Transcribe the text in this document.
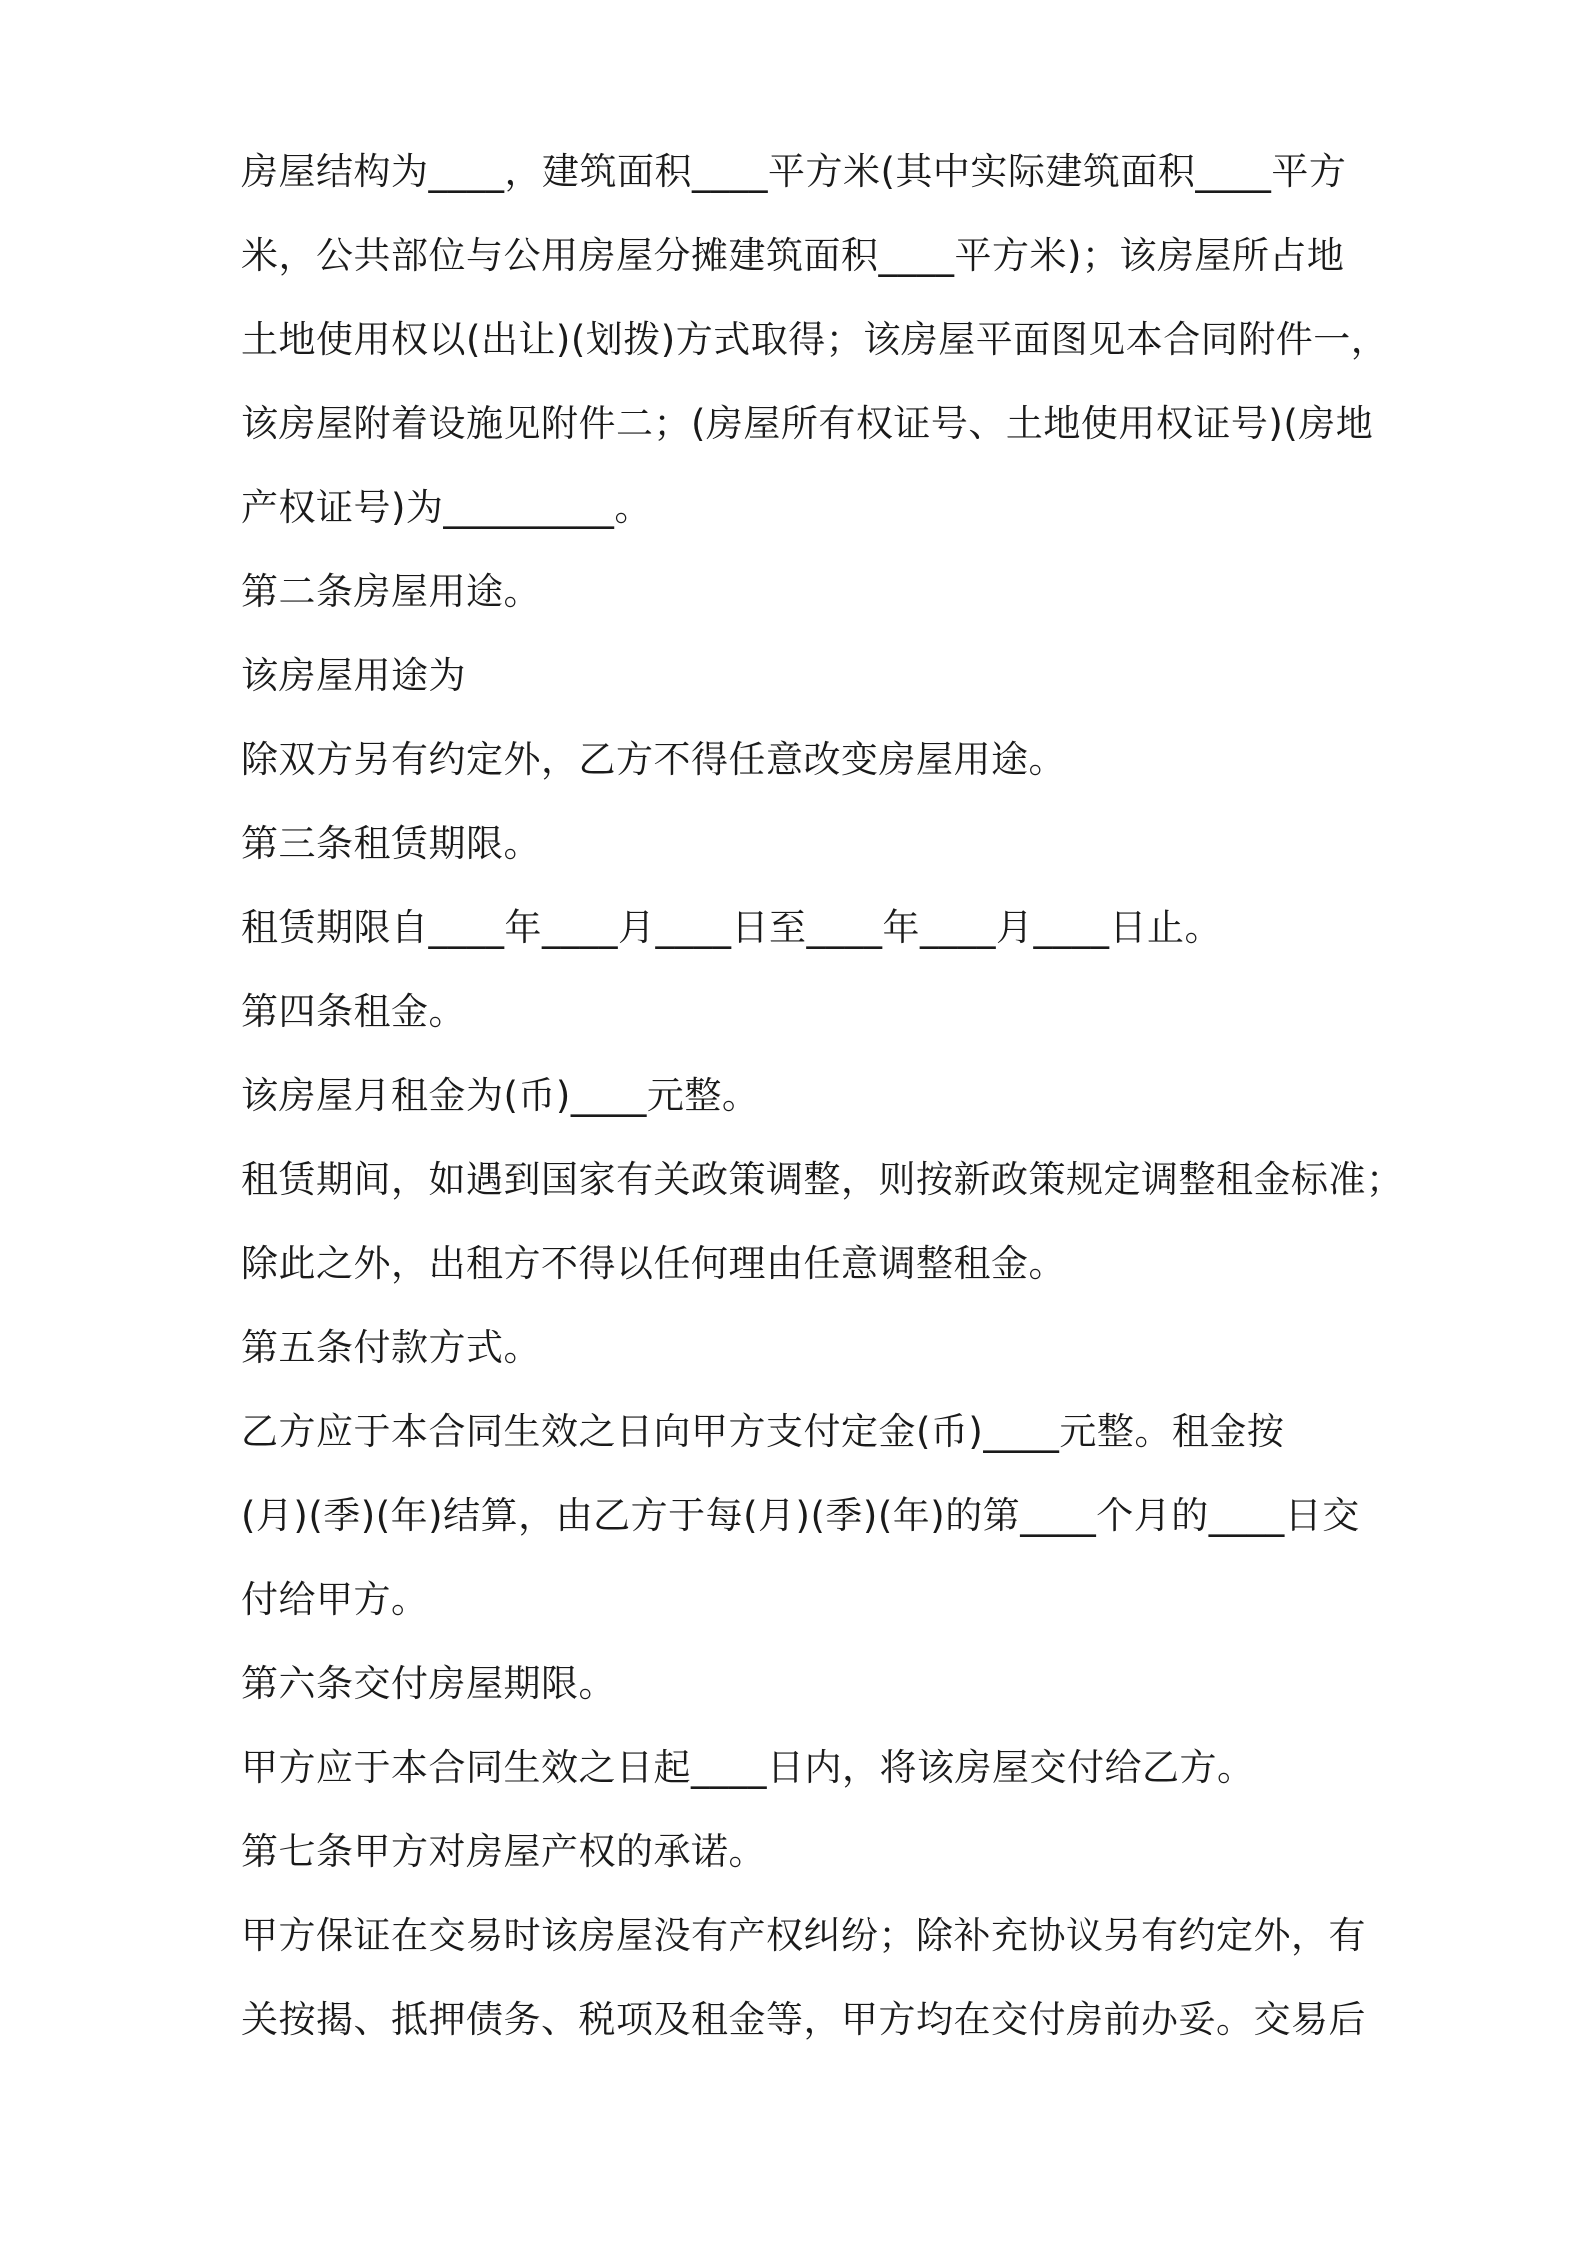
房屋结构为____，建筑面积____平方米(其中实际建筑面积____平方
米，公共部位与公用房屋分摊建筑面积____平方米)；该房屋所占地
土地使用权以(出让)(划拨)方式取得；该房屋平面图见本合同附件一，
该房屋附着设施见附件二；(房屋所有权证号、土地使用权证号)(房地
产权证号)为_________。
第二条房屋用途。
该房屋用途为
除双方另有约定外，乙方不得任意改变房屋用途。
第三条租赁期限。
租赁期限自____年____月____日至____年____月____日止。
第四条租金。
该房屋月租金为(币)____元整。
租赁期间，如遇到国家有关政策调整，则按新政策规定调整租金标准；
除此之外，出租方不得以任何理由任意调整租金。
第五条付款方式。
乙方应于本合同生效之日向甲方支付定金(币)____元整。租金按
(月)(季)(年)结算，由乙方于每(月)(季)(年)的第____个月的____日交
付给甲方。
第六条交付房屋期限。
甲方应于本合同生效之日起____日内，将该房屋交付给乙方。
第七条甲方对房屋产权的承诺。
甲方保证在交易时该房屋没有产权纠纷；除补充协议另有约定外，有
关按揭、抵押债务、税项及租金等，甲方均在交付房前办妥。交易后
